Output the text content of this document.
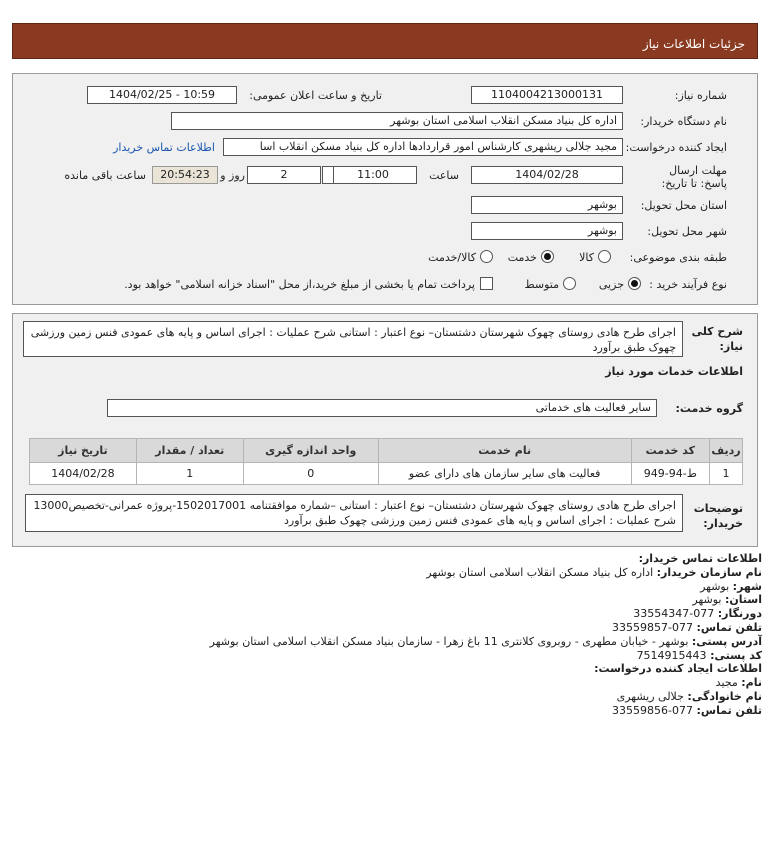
جزئیات اطلاعات نیاز
شماره نیاز:
1104004213000131
تاریخ و ساعت اعلان عمومی:
1404/02/25 - 10:59
نام دستگاه خریدار:
اداره کل بنیاد مسکن انقلاب اسلامی استان بوشهر
ایجاد کننده درخواست:
مجید جلالی ریشهری کارشناس امور قراردادها اداره کل بنیاد مسکن انقلاب اسا
اطلاعات تماس خریدار
مهلت ارسال پاسخ: تا تاریخ:
1404/02/28
ساعت
11:00
2
روز و
20:54:23
ساعت باقی مانده
استان محل تحویل:
بوشهر
شهر محل تحویل:
بوشهر
طبقه بندی موضوعی:
کالا
خدمت
کالا/خدمت
نوع فرآیند خرید :
جزیی
متوسط
پرداخت تمام یا بخشی از مبلغ خرید،از محل "اسناد خزانه اسلامی" خواهد بود.
شرح کلی نیاز:
اجرای طرح هادی روستای چهوک شهرستان دشتستان– نوع اعتبار : استانی شرح عملیات : اجرای اساس و پایه های عمودی فنس زمین ورزشی چهوک طبق برآورد
اطلاعات خدمات مورد نیاز
گروه خدمت:
سایر فعالیت های خدماتی
ردیف	کد خدمت	نام خدمت	واحد اندازه گیری	تعداد / مقدار	تاریخ نیاز
1	ط-94-949	فعالیت های سایر سازمان های دارای عضو	0	1	1404/02/28
توضیحات خریدار:
اجرای طرح هادی روستای چهوک شهرستان دشتستان– نوع اعتبار : استانی –شماره موافقتنامه 1502017001-پروژه عمرانی-تخصیص13000 شرح عملیات : اجرای اساس و پایه های عمودی فنس زمین ورزشی چهوک طبق برآورد
اطلاعات تماس خریدار:
نام سازمان خریدار: اداره کل بنیاد مسکن انقلاب اسلامی استان بوشهر
شهر: بوشهر
استان: بوشهر
دورنگار: 077-33554347
تلفن تماس: 077-33559857
آدرس پستی: بوشهر - خیابان مطهری - روبروی کلانتری 11 باغ زهرا - سازمان بنیاد مسکن انقلاب اسلامی استان بوشهر
کد پستی: 7514915443
اطلاعات ایجاد کننده درخواست:
نام: مجید
نام خانوادگی: جلالی ریشهری
تلفن تماس: 077-33559856
